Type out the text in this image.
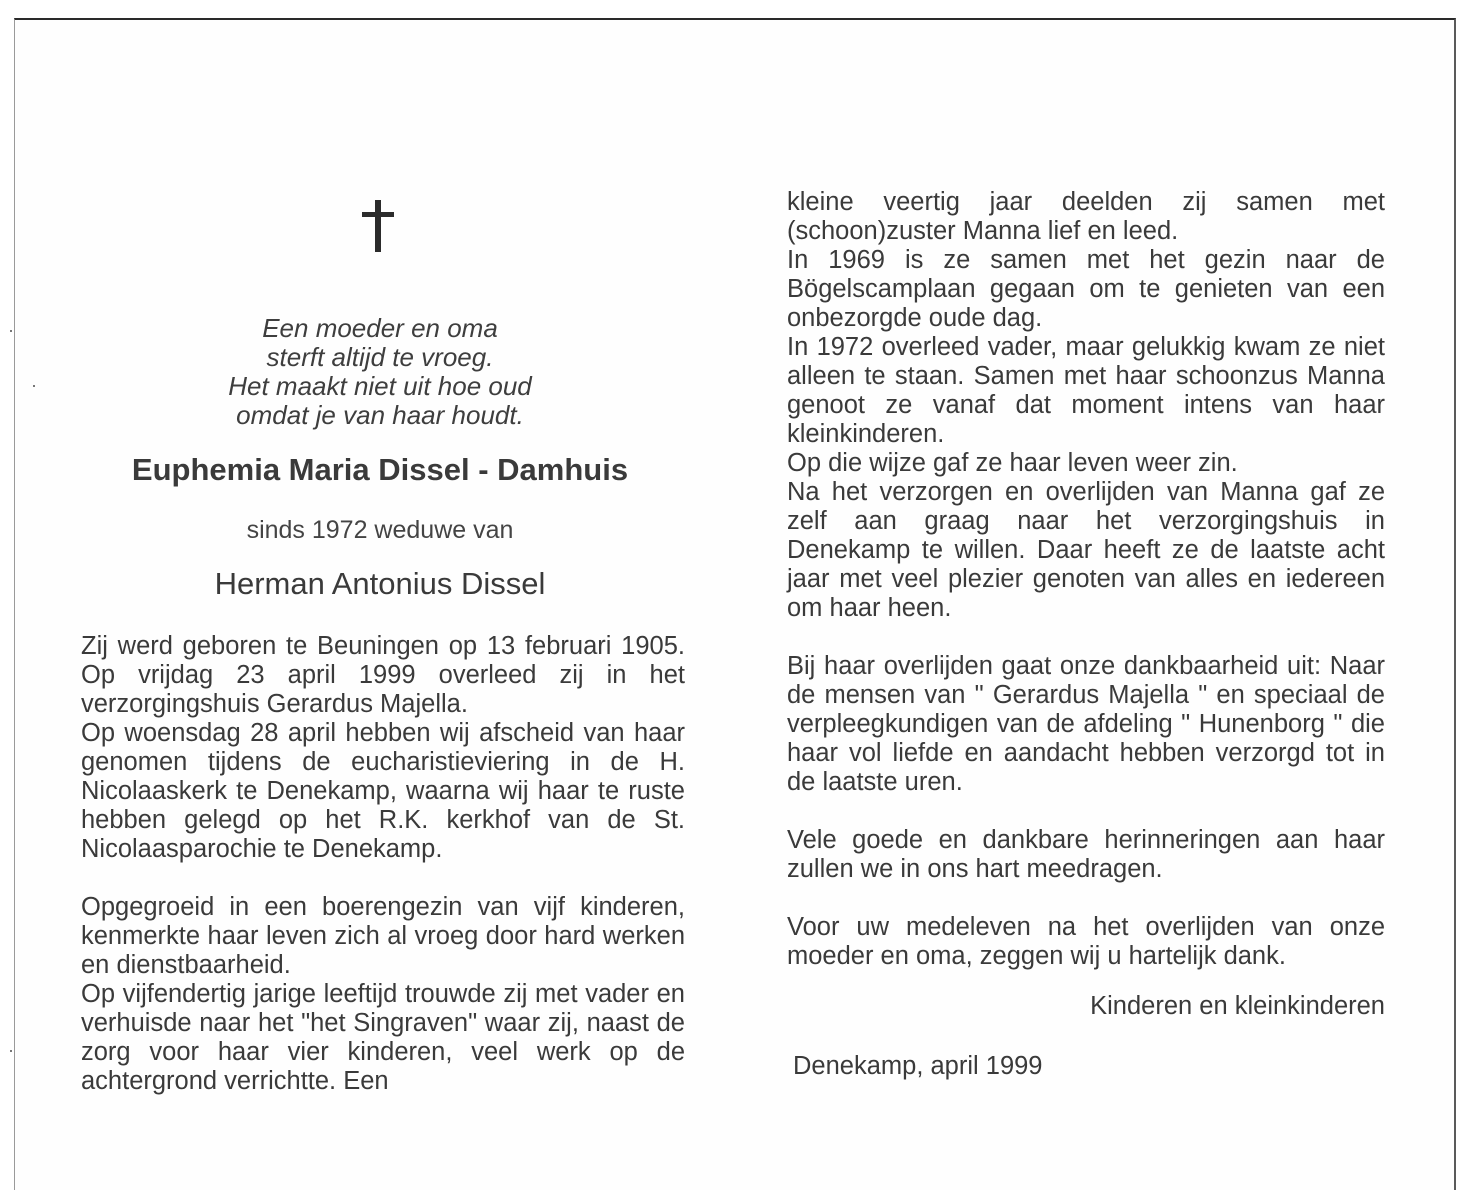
Een moeder en oma
sterft altijd te vroeg.
Het maakt niet uit hoe oud
omdat je van haar houdt.
Euphemia Maria Dissel - Damhuis
sinds 1972 weduwe van
Herman Antonius Dissel

Zij werd geboren te Beuningen op 13 februari 1905. Op vrijdag 23 april 1999 overleed zij in het verzorgingshuis Gerardus Majella.

Op woensdag 28 april hebben wij afscheid van haar genomen tijdens de eucharistieviering in de H. Nicolaaskerk te Denekamp, waarna wij haar te ruste hebben gelegd op het R.K. kerkhof van de St. Nicolaasparochie te Denekamp.

Opgegroeid in een boerengezin van vijf kinderen, kenmerkte haar leven zich al vroeg door hard werken en dienstbaarheid.

Op vijfendertig jarige leeftijd trouwde zij met vader en verhuisde naar het "het Singraven" waar zij, naast de zorg voor haar vier kinderen, veel werk op de achtergrond verrichtte. Een

kleine veertig jaar deelden zij samen met (schoon)zuster Manna lief en leed.

In 1969 is ze samen met het gezin naar de Bögelscamplaan gegaan om te genieten van een onbezorgde oude dag.

In 1972 overleed vader, maar gelukkig kwam ze niet alleen te staan. Samen met haar schoonzus Manna genoot ze vanaf dat moment intens van haar kleinkinderen.

Op die wijze gaf ze haar leven weer zin.

Na het verzorgen en overlijden van Manna gaf ze zelf aan graag naar het verzorgingshuis in Denekamp te willen. Daar heeft ze de laatste acht jaar met veel plezier genoten van alles en iedereen om haar heen.

Bij haar overlijden gaat onze dankbaarheid uit: Naar de mensen van " Gerardus Majella " en speciaal de verpleegkundigen van de afdeling " Hunenborg " die haar vol liefde en aandacht hebben verzorgd tot in de laatste uren.

Vele goede en dankbare herinneringen aan haar zullen we in ons hart meedragen.

Voor uw medeleven na het overlijden van onze moeder en oma, zeggen wij u hartelijk dank.

Kinderen en kleinkinderen
Denekamp, april 1999
